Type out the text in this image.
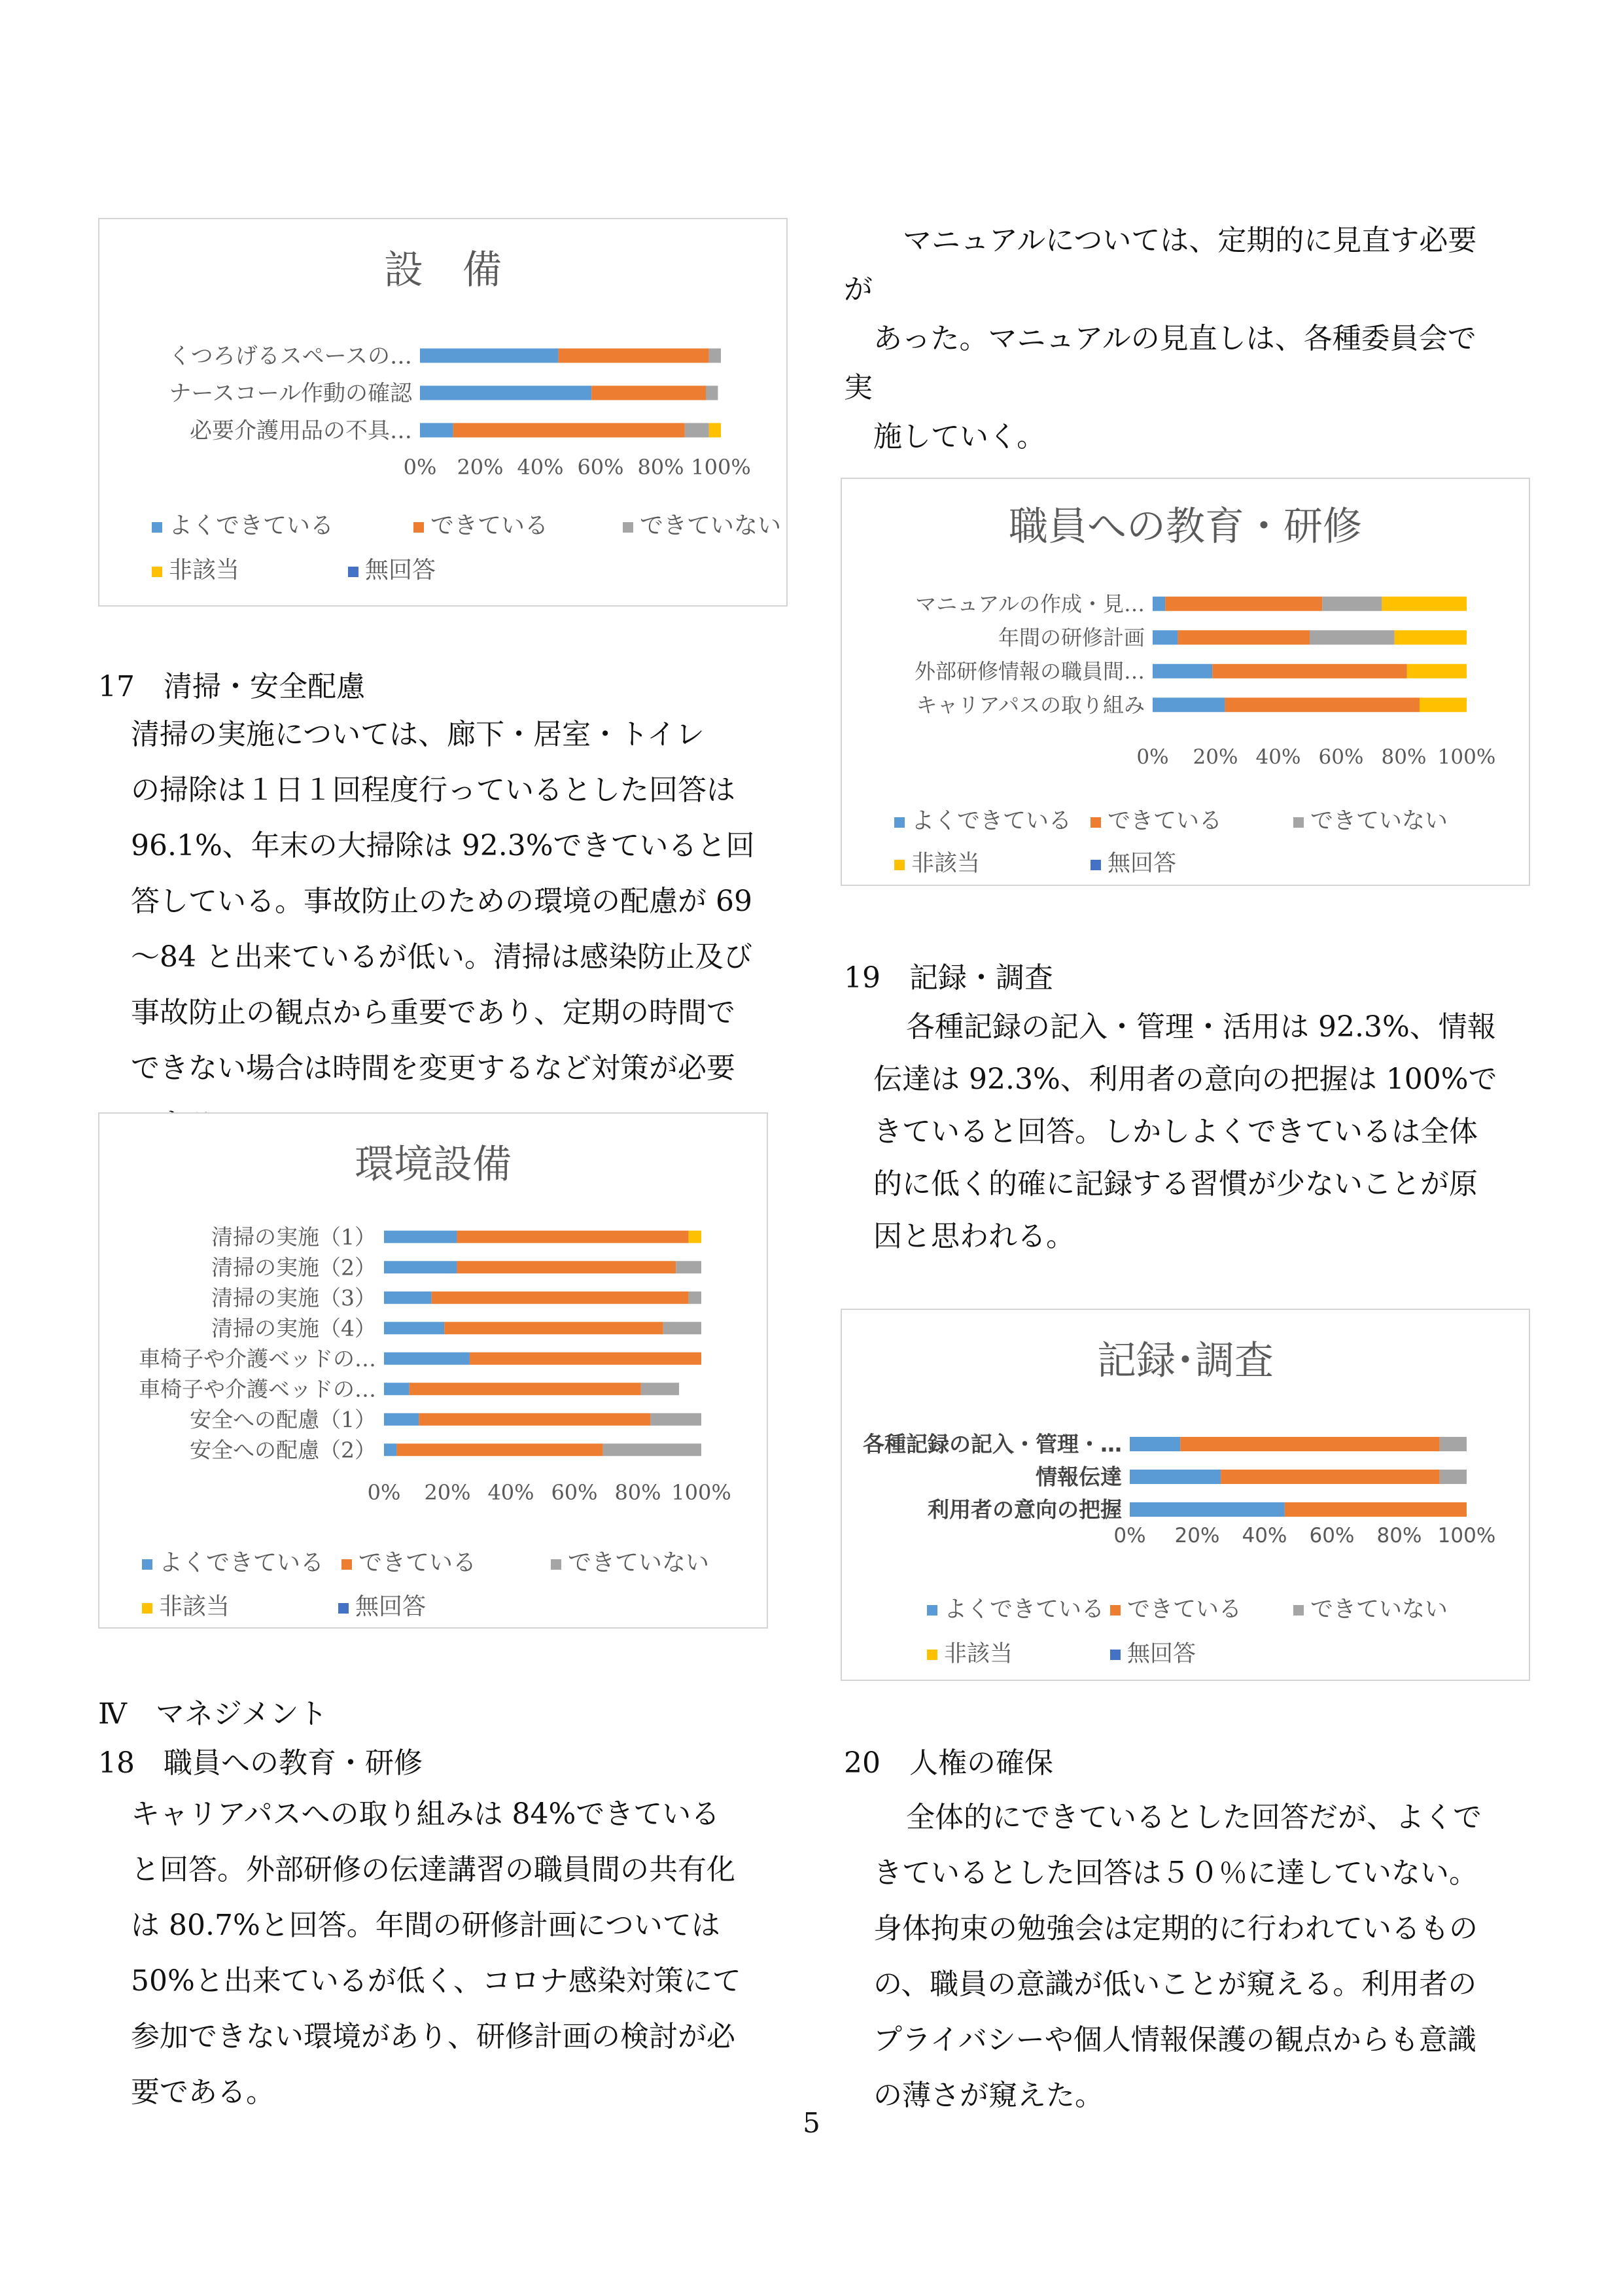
設　備
くつろげるスペースの…
ナースコール作動の確認
必要介護用品の不具…
0% 20% 40% 60% 80% 100%
よくできている	できている	できていない
非該当	無回答

17　清掃・安全配慮

清掃の実施については、廊下・居室・トイレ

の掃除は１日１回程度行っているとした回答は

96.1%、年末の大掃除は 92.3%できていると回

答している。事故防止のための環境の配慮が 69

～84 と出来ているが低い。清掃は感染防止及び

事故防止の観点から重要であり、定期の時間で

できない場合は時間を変更するなど対策が必要

環境設備
清掃の実施（1）
清掃の実施（2）
清掃の実施（3）
清掃の実施（4）
車椅子や介護ベッドの…
車椅子や介護ベッドの…
安全への配慮（1）
安全への配慮（2）
0% 20% 40% 60% 80% 100%
よくできている	できている	できていない
非該当	無回答

Ⅳ　マネジメント

18　職員への教育・研修

キャリアパスへの取り組みは 84%できている

と回答。外部研修の伝達講習の職員間の共有化

は 80.7%と回答。年間の研修計画については

50%と出来ているが低く、コロナ感染対策にて

参加できない環境があり、研修計画の検討が必

要である。

マニュアルについては、定期的に見直す必要

が

あった。マニュアルの見直しは、各種委員会で

実

施していく。

職員への教育・研修
マニュアルの作成・見…
年間の研修計画
外部研修情報の職員間…
キャリアパスの取り組み
0% 20% 40% 60% 80% 100%
よくできている	できている	できていない
非該当	無回答

19　記録・調査

各種記録の記入・管理・活用は 92.3%、情報

伝達は 92.3%、利用者の意向の把握は 100%で

きていると回答。しかしよくできているは全体

的に低く的確に記録する習慣が少ないことが原

因と思われる。

記録･調査
各種記録の記入・管理・…
情報伝達
利用者の意向の把握
0% 20% 40% 60% 80% 100%
よくできている できている	できていない
非該当	無回答

20　人権の確保

全体的にできているとした回答だが、よくで

きているとした回答は５０％に達していない。

身体拘束の勉強会は定期的に行われているもの

の、職員の意識が低いことが窺える。利用者の

プライバシーや個人情報保護の観点からも意識

の薄さが窺えた。

5
